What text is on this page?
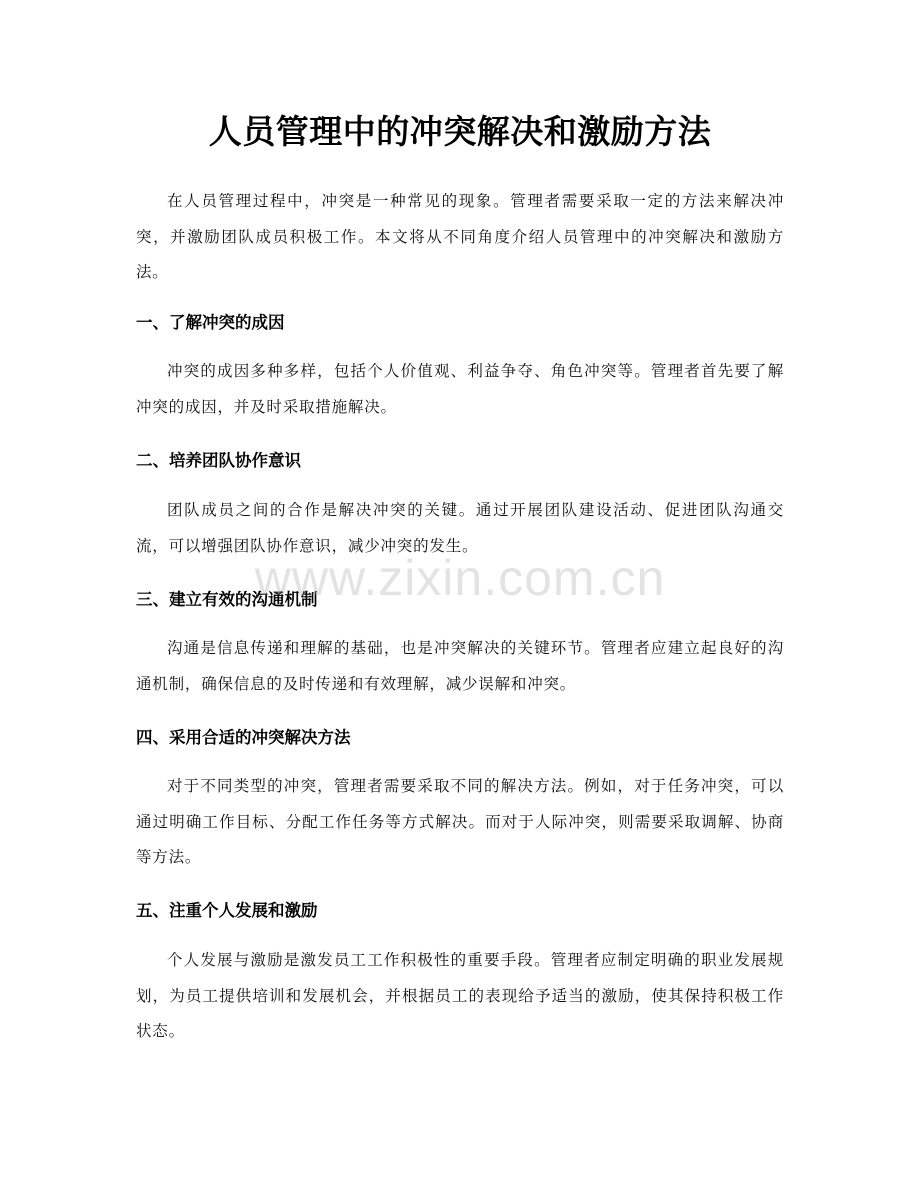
人员管理中的冲突解决和激励方法

在人员管理过程中，冲突是一种常见的现象。管理者需要采取一定的方法来解决冲突，并激励团队成员积极工作。本文将从不同角度介绍人员管理中的冲突解决和激励方法。

一、了解冲突的成因

冲突的成因多种多样，包括个人价值观、利益争夺、角色冲突等。管理者首先要了解冲突的成因，并及时采取措施解决。

二、培养团队协作意识

团队成员之间的合作是解决冲突的关键。通过开展团队建设活动、促进团队沟通交流，可以增强团队协作意识，减少冲突的发生。

三、建立有效的沟通机制

沟通是信息传递和理解的基础，也是冲突解决的关键环节。管理者应建立起良好的沟通机制，确保信息的及时传递和有效理解，减少误解和冲突。

四、采用合适的冲突解决方法

对于不同类型的冲突，管理者需要采取不同的解决方法。例如，对于任务冲突，可以通过明确工作目标、分配工作任务等方式解决。而对于人际冲突，则需要采取调解、协商等方法。

五、注重个人发展和激励

个人发展与激励是激发员工工作积极性的重要手段。管理者应制定明确的职业发展规划，为员工提供培训和发展机会，并根据员工的表现给予适当的激励，使其保持积极工作状态。

www.zixin.com.cn
